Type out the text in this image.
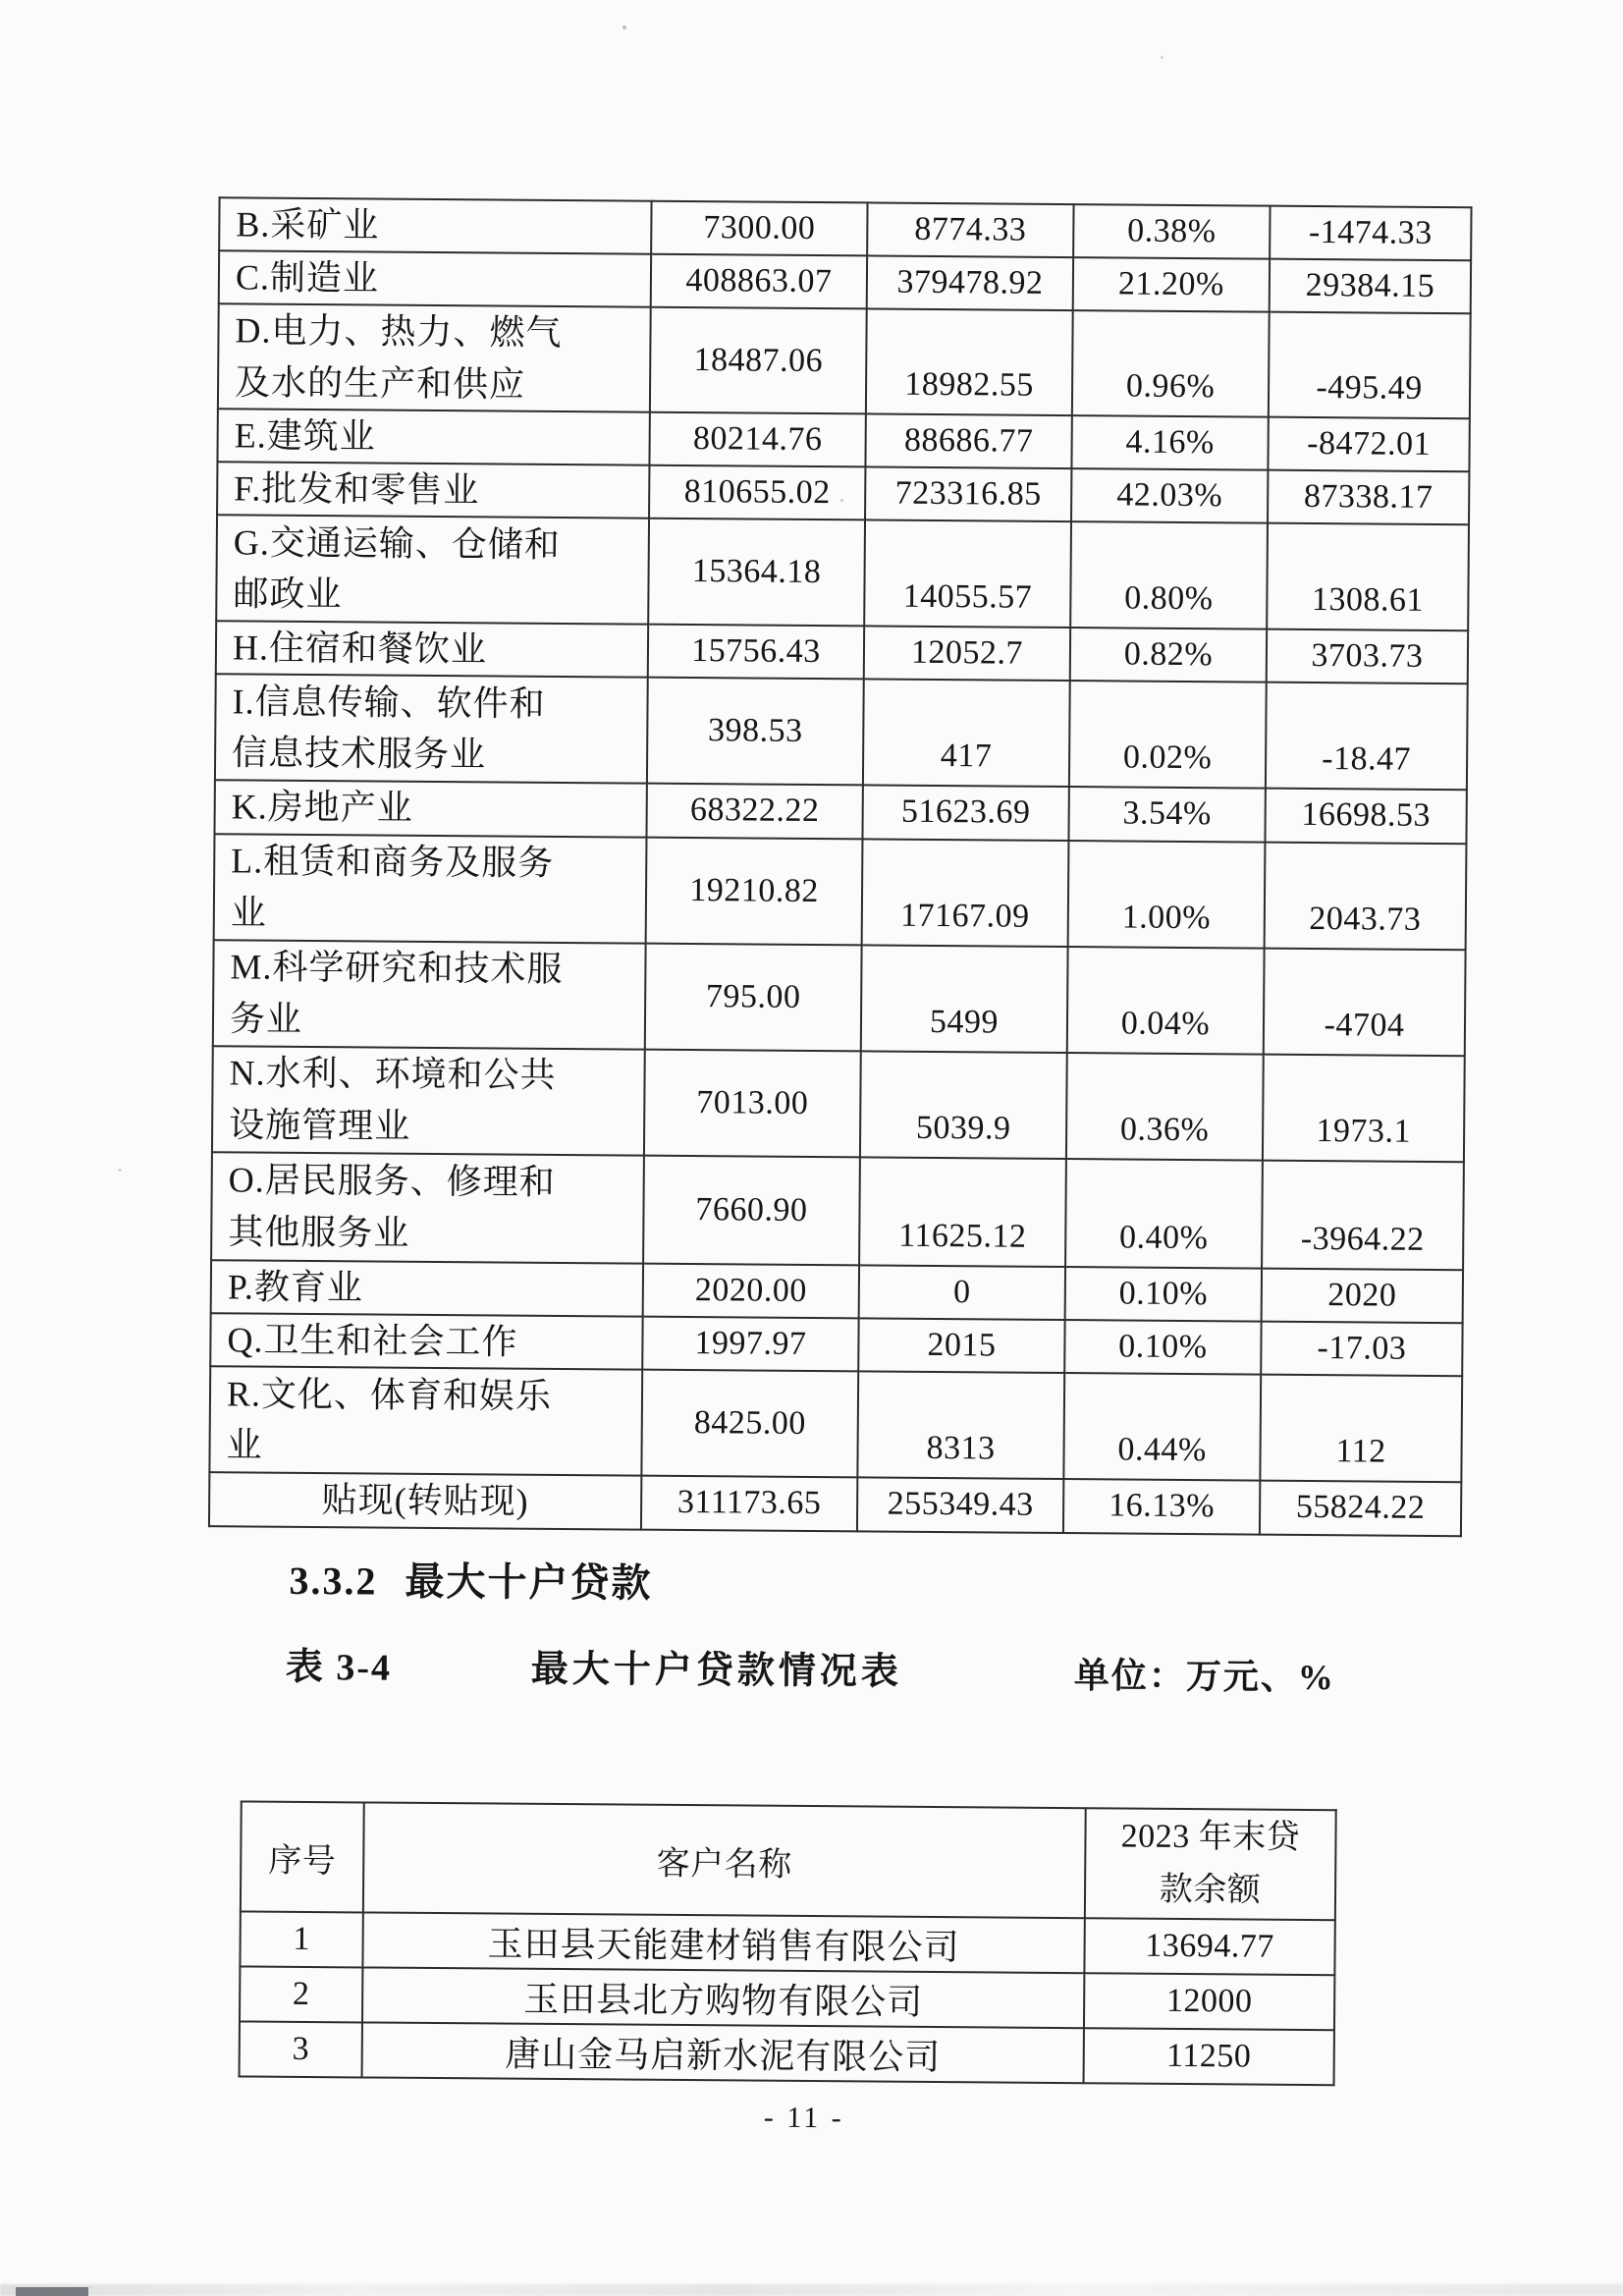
B.采矿业	7300.00	8774.33	0.38%	-1474.33
C.制造业	408863.07	379478.92	21.20%	29384.15
D.电力、热力、燃气及水的生产和供应	18487.06	18982.55	0.96%	-495.49
E.建筑业	80214.76	88686.77	4.16%	-8472.01
F.批发和零售业	810655.02	723316.85	42.03%	87338.17
G.交通运输、仓储和邮政业	15364.18	14055.57	0.80%	1308.61
H.住宿和餐饮业	15756.43	12052.7	0.82%	3703.73
I.信息传输、软件和信息技术服务业	398.53	417	0.02%	-18.47
K.房地产业	68322.22	51623.69	3.54%	16698.53
L.租赁和商务及服务业	19210.82	17167.09	1.00%	2043.73
M.科学研究和技术服务业	795.00	5499	0.04%	-4704
N.水利、环境和公共设施管理业	7013.00	5039.9	0.36%	1973.1
O.居民服务、修理和其他服务业	7660.90	11625.12	0.40%	-3964.22
P.教育业	2020.00	0	0.10%	2020
Q.卫生和社会工作	1997.97	2015	0.10%	-17.03
R.文化、体育和娱乐业	8425.00	8313	0.44%	112
贴现(转贴现)	311173.65	255349.43	16.13%	55824.22
3.3.2 最大十户贷款
表 3-4	最大十户贷款情况表	单位：万元、%
序号	客户名称	2023 年末贷款余额
1	玉田县天能建材销售有限公司	13694.77
2	玉田县北方购物有限公司	12000
3	唐山金马启新水泥有限公司	11250
- 11 -
